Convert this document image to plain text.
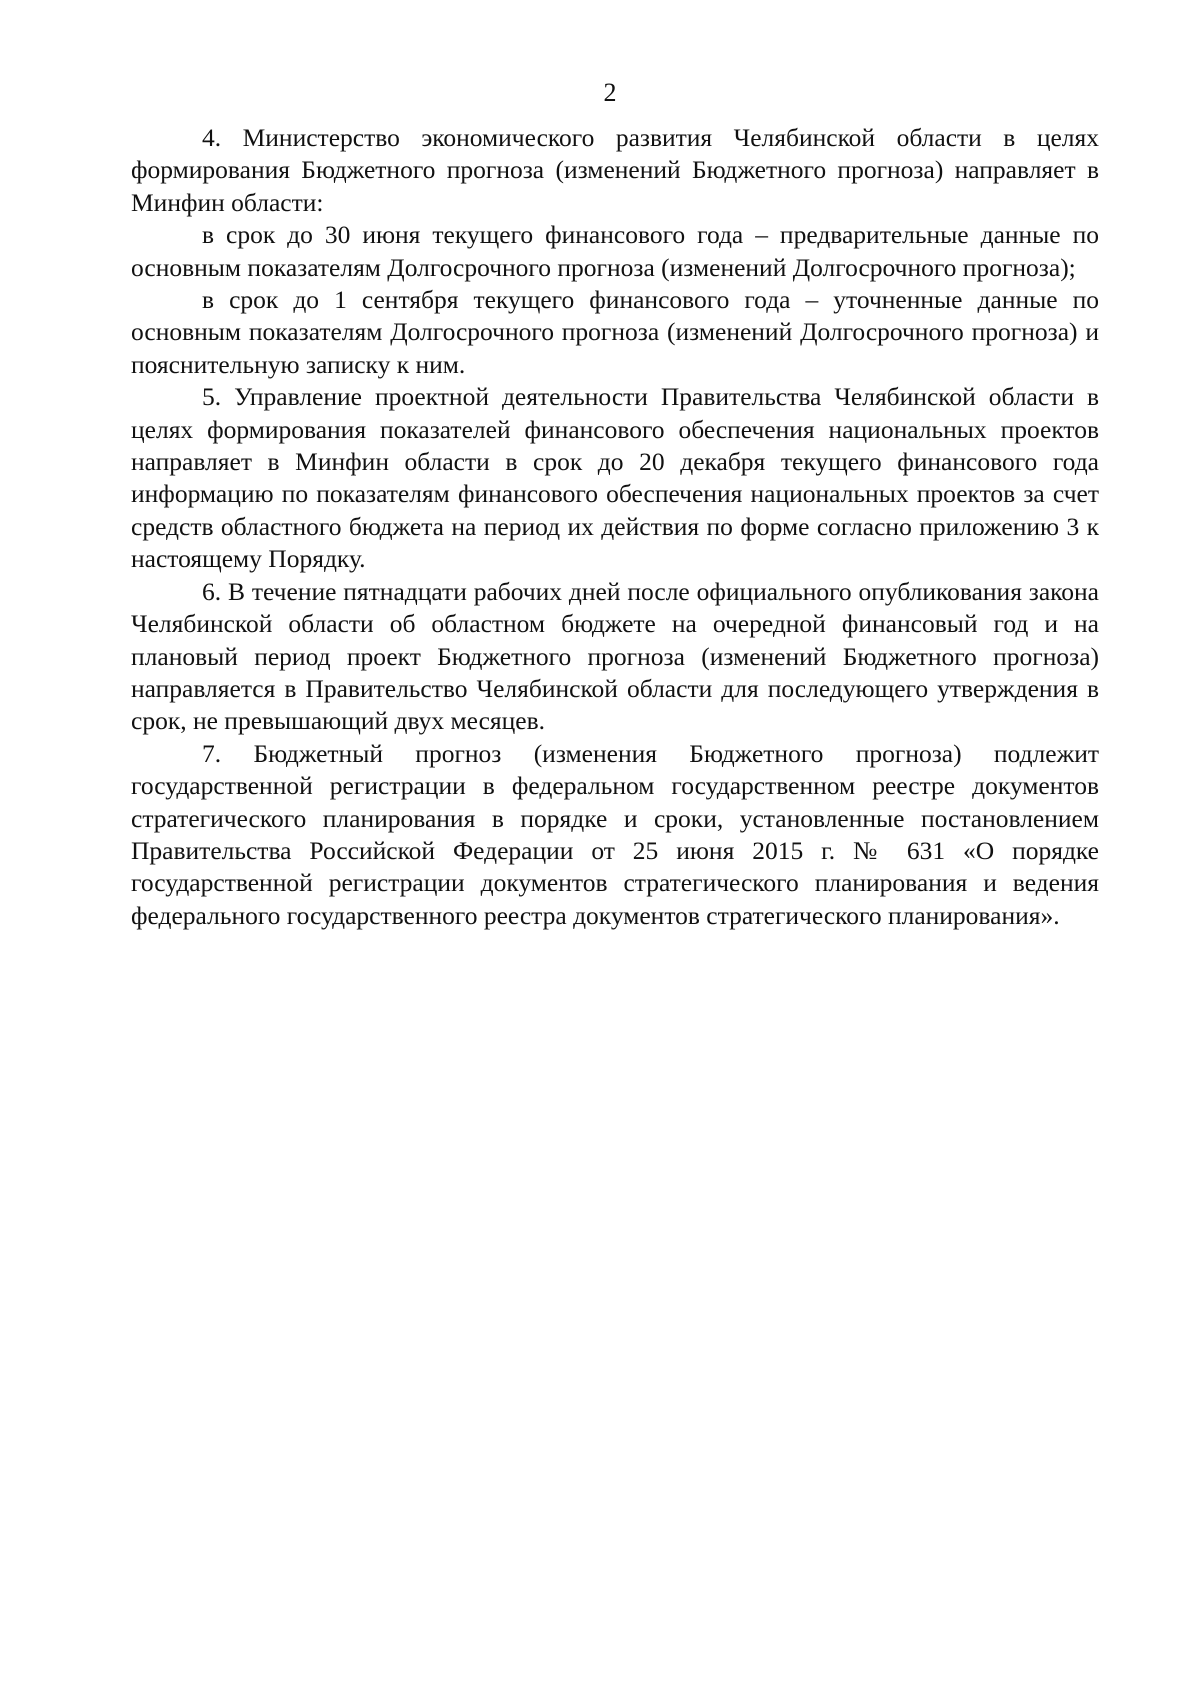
2

4. Министерство экономического развития Челябинской области в целях формирования Бюджетного прогноза (изменений Бюджетного прогноза) направляет в Минфин области:

в срок до 30 июня текущего финансового года – предварительные данные по основным показателям Долгосрочного прогноза (изменений Долгосрочного прогноза);

в срок до 1 сентября текущего финансового года – уточненные данные по основным показателям Долгосрочного прогноза (изменений Долгосрочного прогноза) и пояснительную записку к ним.

5. Управление проектной деятельности Правительства Челябинской области в целях формирования показателей финансового обеспечения национальных проектов направляет в Минфин области в срок до 20 декабря текущего финансового года информацию по показателям финансового обеспечения национальных проектов за счет средств областного бюджета на период их действия по форме согласно приложению 3 к настоящему Порядку.

6. В течение пятнадцати рабочих дней после официального опубликования закона Челябинской области об областном бюджете на очередной финансовый год и на плановый период проект Бюджетного прогноза (изменений Бюджетного прогноза) направляется в Правительство Челябинской области для последующего утверждения в срок, не превышающий двух месяцев.

7. Бюджетный прогноз (изменения Бюджетного прогноза) подлежит государственной регистрации в федеральном государственном реестре документов стратегического планирования в порядке и сроки, установленные постановлением Правительства Российской Федерации от 25 июня 2015 г. № 631 «О порядке государственной регистрации документов стратегического планирования и ведения федерального государственного реестра документов стратегического планирования».
